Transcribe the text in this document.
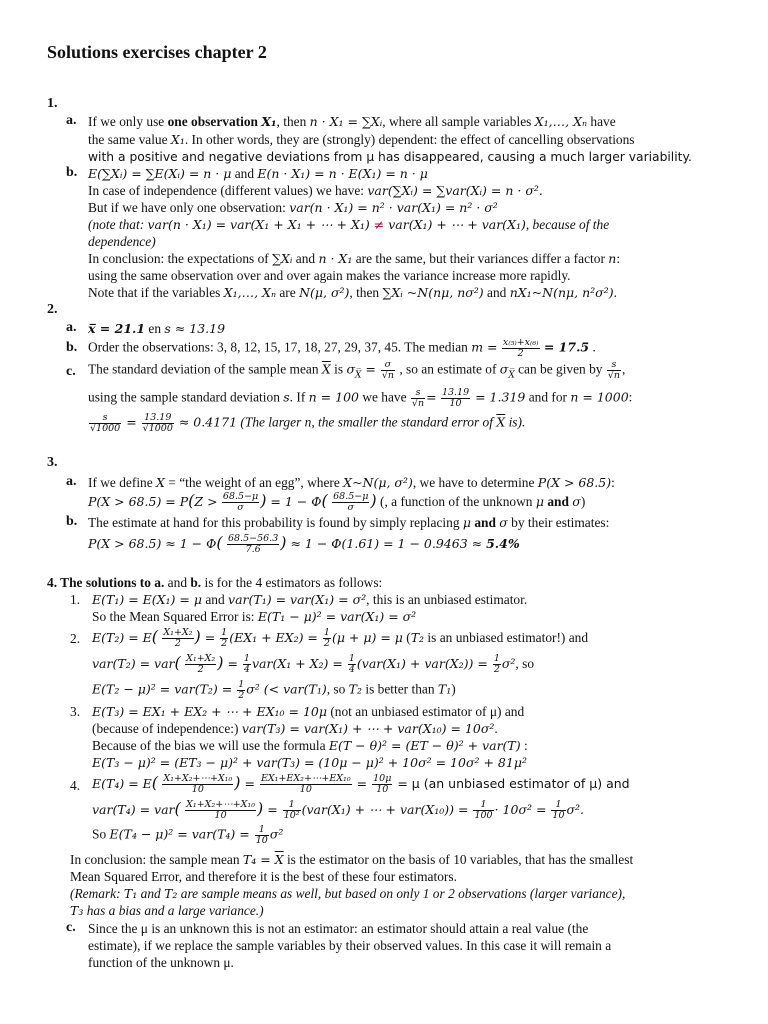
Solutions exercises chapter 2
1.
a. If we only use one observation X₁, then n · X₁ = ∑Xᵢ, where all sample variables X₁,…, Xₙ have
the same value X₁. In other words, they are (strongly) dependent: the effect of cancelling observations
with a positive and negative deviations from μ has disappeared, causing a much larger variability.
b. E(∑Xᵢ) = ∑E(Xᵢ) = n · μ and E(n · X₁) = n · E(X₁) = n · μ
In case of independence (different values) we have: var(∑Xᵢ) = ∑var(Xᵢ) = n · σ².
But if we have only one observation: var(n · X₁) = n² · var(X₁) = n² · σ²
(note that: var(n · X₁) = var(X₁ + X₁ + ⋯ + X₁) ≠ var(X₁) + ⋯ + var(X₁), because of the
dependence)
In conclusion: the expectations of ∑Xᵢ and n · X₁ are the same, but their variances differ a factor n:
using the same observation over and over again makes the variance increase more rapidly.
Note that if the variables X₁,…, Xₙ are N(μ, σ²), then ∑Xᵢ ~N(nμ, nσ²) and nX₁~N(nμ, n²σ²).
2.
a. x̅ = 21.1 en s ≈ 13.19
b. Order the observations: 3, 8, 12, 15, 17, 18, 27, 29, 37, 45. The median $m = \frac{\text{x₍₅₎+x₍₆₎}}{2} = 17.5$ .
c. The standard deviation of the sample mean $\overline{X}$ is $\sigma_{X̅} = \frac{\sigma}{√n}$ , so an estimate of $\sigma_{X̅}$ can be given by $\frac{s}{√n}$ ,
using the sample standard deviation s. If n = 100 we have $\frac{s}{√n} = \frac{13.19}{10} = 1.319$ and for n = 1000:
$\frac{s}{√1000} = \frac{13.19}{√1000} \approx 0.4171$ (The larger n, the smaller the standard error of $\overline{X}$ is).
3.
a. If we define X = “the weight of an egg”, where X~N(μ, σ²), we have to determine P(X > 68.5):
$P(X > 68.5) = P(Z > \frac{68.5-\mu}{\sigma}$ ) = $1 - \Phi( \frac{68.5-\mu}{\sigma}$ ) (, a function of the unknown μ and σ)
b. The estimate at hand for this probability is found by simply replacing μ and σ by their estimates:
$P(X > 68.5) \approx 1 - \Phi( \frac{68.5-56.3}{7.6}$ ) ≈ 1 − Φ(1.61) = 1 − 0.9463 ≈ 5.4%
4. The solutions to a. and b. is for the 4 estimators as follows:
1. E(T₁) = E(X₁) = μ and var(T₁) = var(X₁) = σ², this is an unbiased estimator.
So the Mean Squared Error is: E(T₁ − μ)² = var(X₁) = σ²
2. $E(T_2) = E( \frac{\text{X₁+X₂}}{2}$ ) = $\frac{1}{2} (EX_1 + EX_2) = \frac{1}{2} (\mu + \mu) = \mu$ (T₂ is an unbiased estimator!) and
$var(T_2) = var( \frac{\text{X₁+X₂}}{2}$ ) = $\frac{1}{4} var(X_1 + X_2) = \frac{1}{4} (var(X_1) + var(X_2)) = \frac{1}{2} \sigma^2$, so
$E(T_2 - \mu)^2 = var(T_2) = \frac{1}{2} \sigma^2$ (< var(T₁), so T₂ is better than T₁)
3. E(T₃) = EX₁ + EX₂ + ⋯ + EX₁₀ = 10μ (not an unbiased estimator of μ) and
(because of independence:) var(T₃) = var(X₁) + ⋯ + var(X₁₀) = 10σ².
Because of the bias we will use the formula E(T − θ)² = (ET − θ)² + var(T) :
E(T₃ − μ)² = (ET₃ − μ)² + var(T₃) = (10μ − μ)² + 10σ² = 10σ² + 81μ²
4. $E(T_4) = E( \frac{\text{X₁+X₂+⋯+X₁₀}}{10}$ ) = $\frac{\text{EX₁+EX₂+⋯+EX₁₀}}{10} = \frac{10\mu}{10} = \mu$ (an unbiased estimator of μ) and
$var(T_4) = var( \frac{\text{X₁+X₂+⋯+X₁₀}}{10}$ ) = $\frac{1}{\text{10²}} (var(X_1)$ + ⋯ + $var(X_{10})) = \frac{1}{100} \cdot 10\sigma^2 = \frac{1}{10} \sigma^2$.
So $E(T_4 - \mu)^2 = var(T_4) = \frac{1}{10} \sigma^2$
In conclusion: the sample mean $T_4 = \overline{X}$ is the estimator on the basis of 10 variables, that has the smallest
Mean Squared Error, and therefore it is the best of these four estimators.
(Remark: T₁ and T₂ are sample means as well, but based on only 1 or 2 observations (larger variance),
T₃ has a bias and a large variance.)
c. Since the μ is an unknown this is not an estimator: an estimator should attain a real value (the
estimate), if we replace the sample variables by their observed values. In this case it will remain a
function of the unknown μ.
